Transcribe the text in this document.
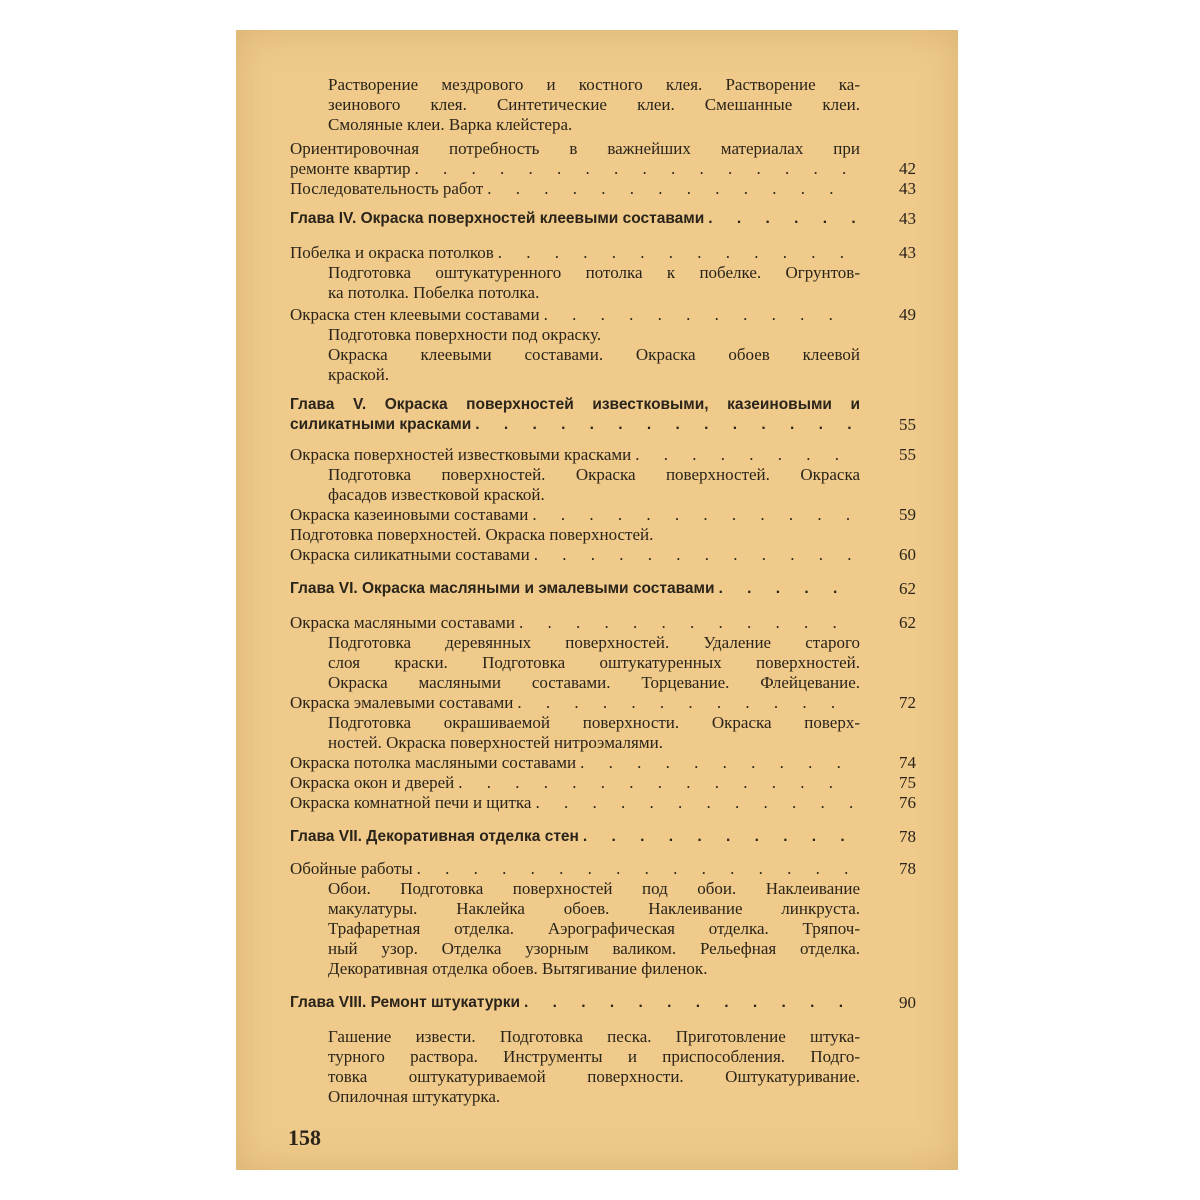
Растворение мездрового и костного клея. Растворение ка-
зеинового клея. Синтетические клеи. Смешанные клеи.
Смоляные клеи. Варка клейстера.
Ориентировочная потребность в важнейших материалах при
ремонте квартир . . .	42
Последовательность работ . . .	43
Глава IV. Окраска поверхностей клеевыми составами . . .	43
Побелка и окраска потолков . . .	43
Подготовка оштукатуренного потолка к побелке. Огрунтов-
ка потолка. Побелка потолка.
Окраска стен клеевыми составами . . .	49
Подготовка поверхности под окраску.
Окраска клеевыми составами. Окраска обоев клеевой
краской.
Глава V. Окраска поверхностей известковыми, казеиновыми и
силикатными красками . . .	55
Окраска поверхностей известковыми красками . . .	55
Подготовка поверхностей. Окраска поверхностей. Окраска
фасадов известковой краской.
Окраска казеиновыми составами . . .	59
Подготовка поверхностей. Окраска поверхностей.
Окраска силикатными составами . . .	60
Глава VI. Окраска масляными и эмалевыми составами . . .	62
Окраска масляными составами . . .	62
Подготовка деревянных поверхностей. Удаление старого
слоя краски. Подготовка оштукатуренных поверхностей.
Окраска масляными составами. Торцевание. Флейцевание.
Окраска эмалевыми составами . . .	72
Подготовка окрашиваемой поверхности. Окраска поверх-
ностей. Окраска поверхностей нитроэмалями.
Окраска потолка масляными составами . . .	74
Окраска окон и дверей . . .	75
Окраска комнатной печи и щитка . . .	76
Глава VII. Декоративная отделка стен . . .	78
Обойные работы . . .	78
Обои. Подготовка поверхностей под обои. Наклеивание
макулатуры. Наклейка обоев. Наклеивание линкруста.
Трафаретная отделка. Аэрографическая отделка. Тряпоч-
ный узор. Отделка узорным валиком. Рельефная отделка.
Декоративная отделка обоев. Вытягивание филенок.
Глава VIII. Ремонт штукатурки . . .	90
Гашение извести. Подготовка песка. Приготовление штука-
турного раствора. Инструменты и приспособления. Подго-
товка оштукатуриваемой поверхности. Оштукатуривание.
Опилочная штукатурка.
158
